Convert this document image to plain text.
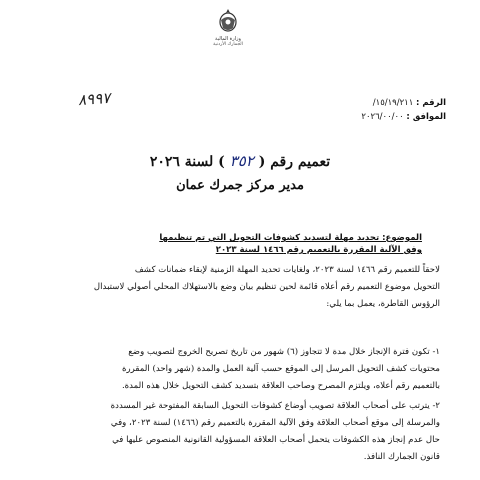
وزارة المالية
الجمارك الأردنية
٨٩٩٧	الرقم : ١٥/١٩/٢١١/
الموافق : ٢٠٢٦/٠٠/٠٠
تعميم رقم ( ٣٥٢ ) لسنة ٢٠٢٦
مدير مركز جمرك عمان
الموضوع: تحديد مهلة لتسديد كشوفات التحويل التي تم تنظيمها
وفق الآلية المقررة بالتعميم رقم ١٤٦٦ لسنة ٢٠٢٣
لاحقاً للتعميم رقم ١٤٦٦ لسنة ٢٠٢٣، ولغايات تحديد المهلة الزمنية لإبقاء ضمانات كشف
التحويل موضوع التعميم رقم أعلاه قائمة لحين تنظيم بيان وضع بالاستهلاك المحلي أصولي لاستبدال
الرؤوس القاطرة، يعمل بما يلي:
١- تكون فترة الإنجاز خلال مدة لا تتجاوز (٦) شهور من تاريخ تصريح الخروج لتصويب وضع
محتويات كشف التحويل المرسل إلى الموقع حسب آلية العمل والمدة (شهر واحد) المقررة
بالتعميم رقم أعلاه، ويلتزم المصرح وصاحب العلاقة بتسديد كشف التحويل خلال هذه المدة.
٢- يترتب على أصحاب العلاقة تصويب أوضاع كشوفات التحويل السابقة المفتوحة غير المسددة
والمرسلة إلى موقع أصحاب العلاقة وفق الآلية المقررة بالتعميم رقم (١٤٦٦) لسنة ٢٠٢٣، وفي
حال عدم إنجاز هذه الكشوفات يتحمل أصحاب العلاقة المسؤولية القانونية المنصوص عليها في
قانون الجمارك النافذ.
